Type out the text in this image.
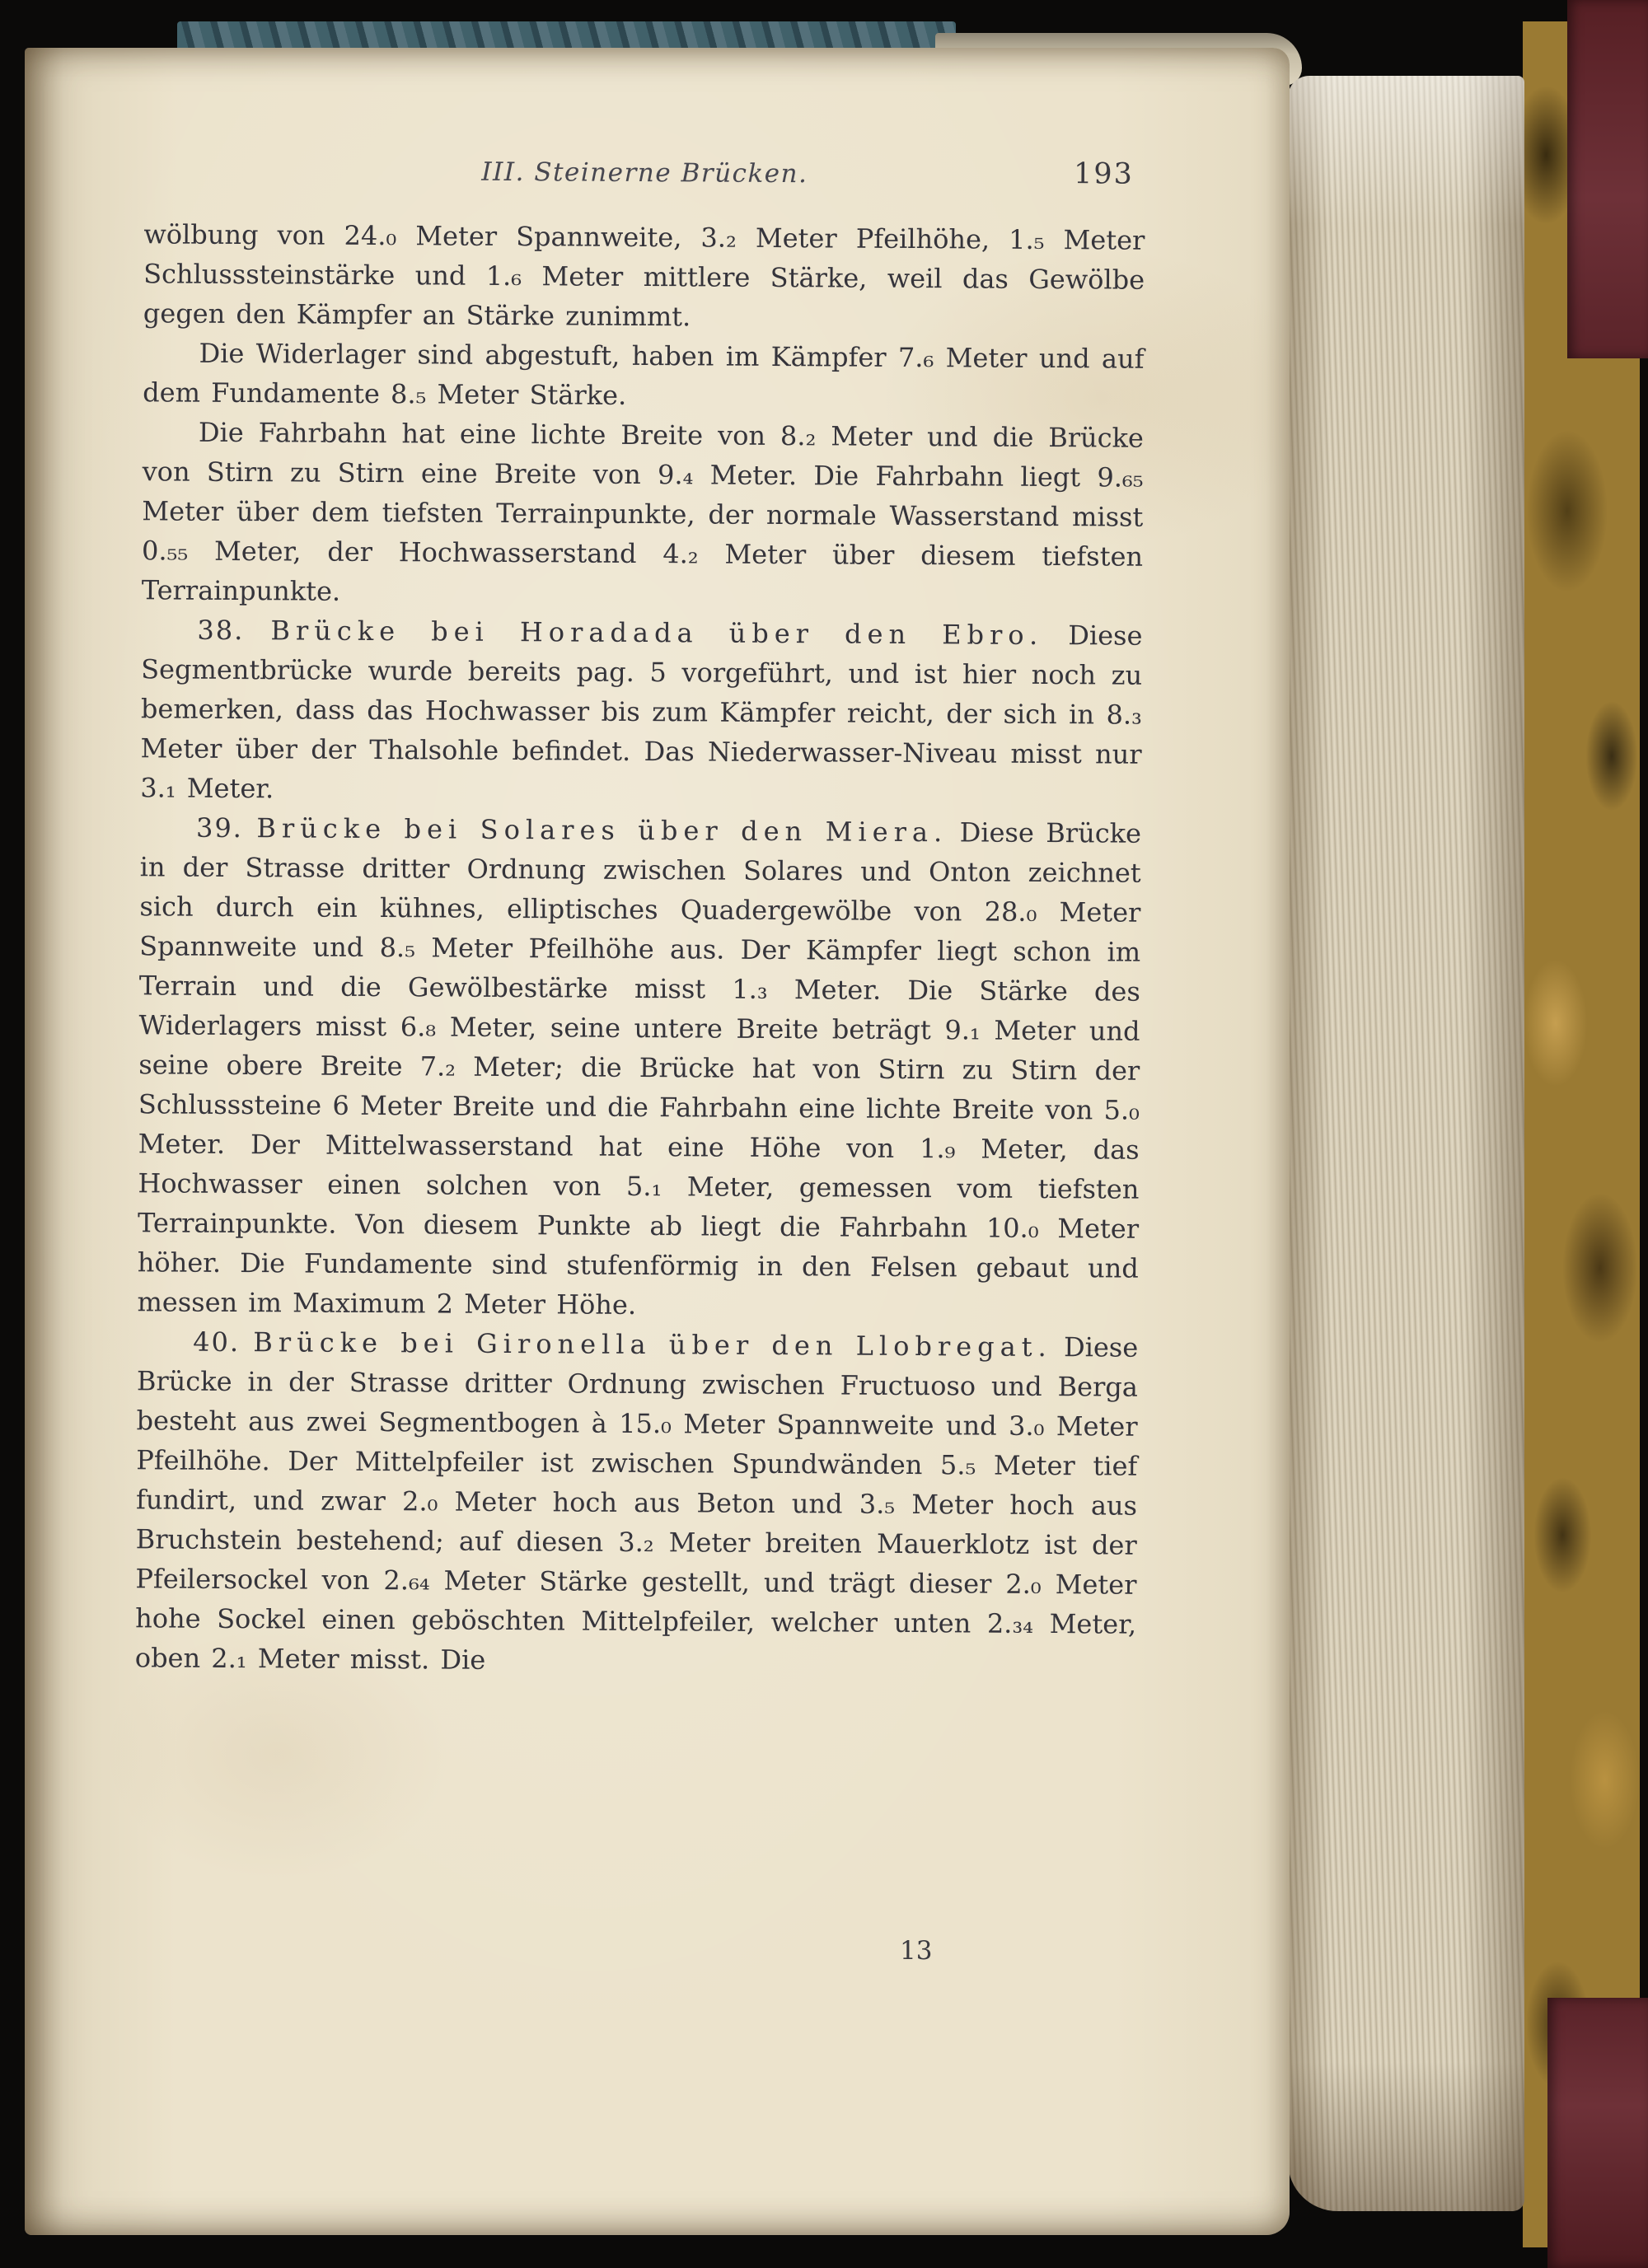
III. Steinerne Brücken.	193

wölbung von 24.₀ Meter Spannweite, 3.₂ Meter Pfeilhöhe, 1.₅ Meter Schlusssteinstärke und 1.₆ Meter mittlere Stärke, weil das Gewölbe gegen den Kämpfer an Stärke zunimmt.

Die Widerlager sind abgestuft, haben im Kämpfer 7.₆ Meter und auf dem Fundamente 8.₅ Meter Stärke.

Die Fahrbahn hat eine lichte Breite von 8.₂ Meter und die Brücke von Stirn zu Stirn eine Breite von 9.₄ Meter. Die Fahrbahn liegt 9.₆₅ Meter über dem tiefsten Terrainpunkte, der normale Wasserstand misst 0.₅₅ Meter, der Hochwasserstand 4.₂ Meter über diesem tiefsten Terrainpunkte.

38. Brücke bei Horadada über den Ebro. Diese Segmentbrücke wurde bereits pag. 5 vorgeführt, und ist hier noch zu bemerken, dass das Hochwasser bis zum Kämpfer reicht, der sich in 8.₃ Meter über der Thalsohle befindet. Das Niederwasser-Niveau misst nur 3.₁ Meter.

39. Brücke bei Solares über den Miera. Diese Brücke in der Strasse dritter Ordnung zwischen Solares und Onton zeichnet sich durch ein kühnes, elliptisches Quadergewölbe von 28.₀ Meter Spannweite und 8.₅ Meter Pfeilhöhe aus. Der Kämpfer liegt schon im Terrain und die Gewölbestärke misst 1.₃ Meter. Die Stärke des Widerlagers misst 6.₈ Meter, seine untere Breite beträgt 9.₁ Meter und seine obere Breite 7.₂ Meter; die Brücke hat von Stirn zu Stirn der Schlusssteine 6 Meter Breite und die Fahrbahn eine lichte Breite von 5.₀ Meter. Der Mittelwasserstand hat eine Höhe von 1.₉ Meter, das Hochwasser einen solchen von 5.₁ Meter, gemessen vom tiefsten Terrainpunkte. Von diesem Punkte ab liegt die Fahrbahn 10.₀ Meter höher. Die Fundamente sind stufenförmig in den Felsen gebaut und messen im Maximum 2 Meter Höhe.

40. Brücke bei Gironella über den Llobregat. Diese Brücke in der Strasse dritter Ordnung zwischen Fructuoso und Berga besteht aus zwei Segmentbogen à 15.₀ Meter Spannweite und 3.₀ Meter Pfeilhöhe. Der Mittelpfeiler ist zwischen Spundwänden 5.₅ Meter tief fundirt, und zwar 2.₀ Meter hoch aus Beton und 3.₅ Meter hoch aus Bruchstein bestehend; auf diesen 3.₂ Meter breiten Mauerklotz ist der Pfeilersockel von 2.₆₄ Meter Stärke gestellt, und trägt dieser 2.₀ Meter hohe Sockel einen geböschten Mittelpfeiler, welcher unten 2.₃₄ Meter, oben 2.₁ Meter misst. Die

13
